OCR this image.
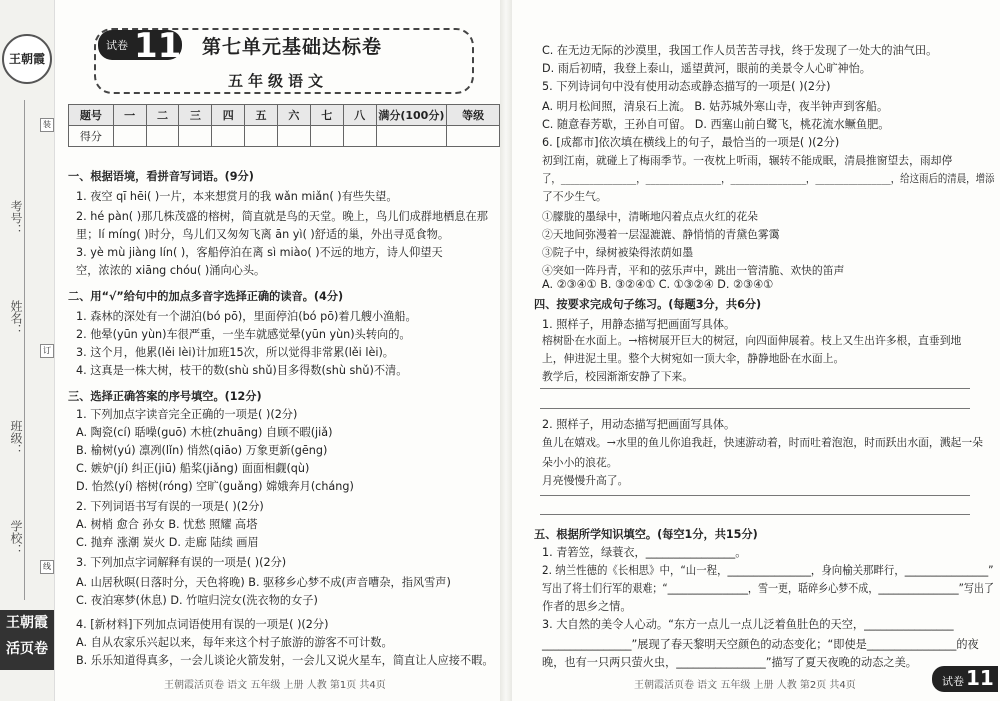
王朝霞
学校：
班级：
姓名：
考号：
装
订
线
王朝霞
活页卷
试卷 11 第七单元基础达标卷
五年级语文
题号	一	二	三	四	五	六	七	八	满分(100分)	等级
得分										
一、根据语境，看拼音写词语。(9分)
1. 夜空 qī hēi( )一片，本来想赏月的我 wǎn miǎn( )有些失望。
2. hé pàn( )那几株茂盛的榕树，简直就是鸟的天堂。晚上，鸟儿们成群地栖息在那
里；lí míng( )时分，鸟儿们又匆匆飞离 ān yì( )舒适的巢，外出寻觅食物。
3. yè mù jiàng lín( )，客船停泊在离 sì miào( )不远的地方，诗人仰望天
空，浓浓的 xiāng chóu( )涌向心头。
二、用“√”给句中的加点多音字选择正确的读音。(4分)
1. 森林的深处有一个湖泊(bó pō)，里面停泊(bó pō)着几艘小渔船。
2. 他晕(yūn yùn)车很严重，一坐车就感觉晕(yūn yùn)头转向的。
3. 这个月，他累(lěi lèi)计加班15次，所以觉得非常累(lěi lèi)。
4. 这真是一株大树，枝干的数(shù shǔ)目多得数(shù shǔ)不清。
三、选择正确答案的序号填空。(12分)
1. 下列加点字读音完全正确的一项是( )(2分)
A. 陶瓷(cí) 聒噪(guō) 木桩(zhuāng) 自顾不暇(jiǎ)
B. 榆树(yú) 凛冽(lǐn) 悄然(qiāo) 万象更新(gēng)
C. 嫉妒(jí) 纠正(jiū) 船桨(jiǎng) 面面相觑(qù)
D. 怡然(yí) 榕树(róng) 空旷(guǎng) 嫦娥奔月(cháng)
2. 下列词语书写有误的一项是( )(2分)
A. 树梢 愈合 孙女 B. 忧愁 照耀 高塔
C. 抛弃 涨潮 炭火 D. 走廊 陆续 画眉
3. 下列加点字词解释有误的一项是( )(2分)
A. 山居秋暝(日落时分，天色将晚) B. 驱移乡心梦不成(声音嘈杂，指风雪声)
C. 夜泊寒梦(休息) D. 竹喧归浣女(洗衣物的女子)
4. [新材料]下列加点词语使用有误的一项是( )(2分)
A. 自从农家乐兴起以来，每年来这个村子旅游的游客不可计数。
B. 乐乐知道得真多，一会儿谈论火箭发射，一会儿又说火星车，简直让人应接不暇。
王朝霞活页卷 语文 五年级 上册 人教 第1页 共4页
C. 在无边无际的沙漠里，我国工作人员苦苦寻找，终于发现了一处大的油气田。
D. 雨后初晴，我登上泰山，遥望黄河，眼前的美景令人心旷神怡。
5. 下列诗词句中没有使用动态或静态描写的一项是( )(2分)
A. 明月松间照，清泉石上流。 B. 姑苏城外寒山寺，夜半钟声到客船。
C. 随意春芳歇，王孙自可留。 D. 西塞山前白鹭飞，桃花流水鳜鱼肥。
6. [成都市]依次填在横线上的句子，最恰当的一项是( )(2分)
初到江南，就碰上了梅雨季节。一夜枕上听雨，辗转不能成眠，清晨推窗望去，雨却停
了，________________，________________，________________，________________，给这雨后的清晨，增添
了不少生气。
①朦胧的墨绿中，清晰地闪着点点火红的花朵
②天地间弥漫着一层湿漉漉、静悄悄的青黛色雾霭
③院子中，绿树被染得浓荫如墨
④突如一阵丹青，平和的弦乐声中，跳出一管清脆、欢快的笛声
A. ②③④① B. ③②④① C. ①③②④ D. ②③④①
四、按要求完成句子练习。(每题3分，共6分)
1. 照样子，用静态描写把画面写具体。
榕树卧在水面上。→榕树展开巨大的树冠，向四面伸展着。枝上又生出许多根，直垂到地
上，伸进泥土里。整个大树宛如一顶大伞，静静地卧在水面上。
教学后，校园渐渐安静了下来。
2. 照样子，用动态描写把画面写具体。
鱼儿在嬉戏。→水里的鱼儿你追我赶，快速游动着，时而吐着泡泡，时而跃出水面，溅起一朵
朵小小的浪花。
月亮慢慢升高了。
五、根据所学知识填空。(每空1分，共15分)
1. 青箬笠，绿蓑衣，________________。
2. 纳兰性德的《长相思》中，“山一程，________________，身向榆关那畔行，________________”
写出了将士们行军的艰难；“________________，雪一更，聒碎乡心梦不成，________________”写出了
作者的思乡之情。
3. 大自然的美令人心动。“东方一点儿一点儿泛着鱼肚色的天空，________________
________________”展现了春天黎明天空颜色的动态变化；“即使是________________的夜
晚，也有一只两只萤火虫，________________”描写了夏天夜晚的动态之美。
王朝霞活页卷 语文 五年级 上册 人教 第2页 共4页	试卷 11
